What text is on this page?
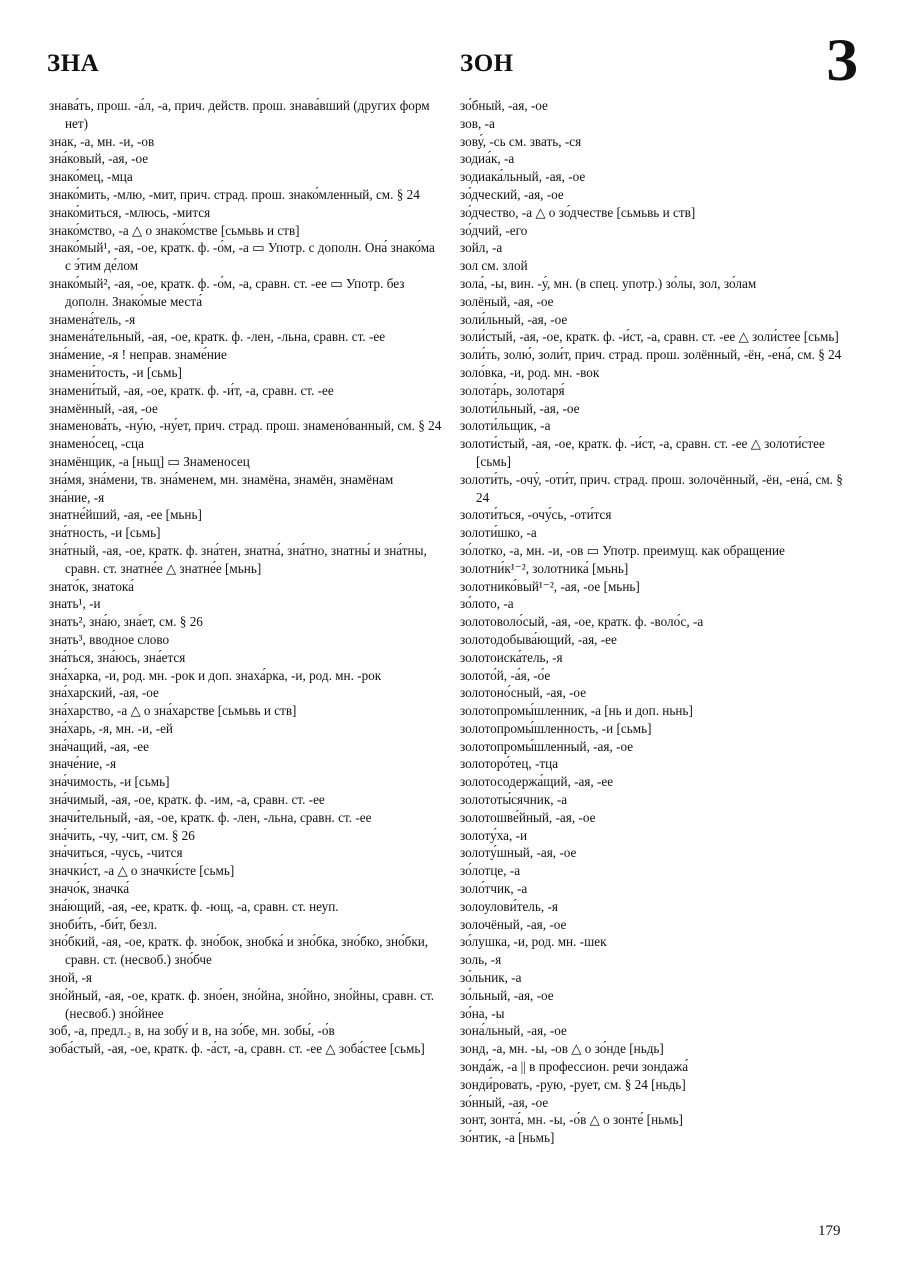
ЗНА	ЗОН	З

знава́ть, прош. -а́л, -а, прич. действ. прош. знава́вший (других форм нет)

знак, -а, мн. -и, -ов

зна́ковый, -ая, -ое

знако́мец, -мца

знако́мить, -млю, -мит, прич. страд. прош. знако́мленный, см. § 24

знако́миться, -млюсь, -мится

знако́мство, -а △ о знако́мстве [сьмьвь и ств]

знако́мый¹, -ая, -ое, кратк. ф. -о́м, -а ▭ Употр. с дополн. Она́ знако́ма с э́тим де́лом

знако́мый², -ая, -ое, кратк. ф. -о́м, -а, сравн. ст. -ее ▭ Употр. без дополн. Знако́мые места́

знамена́тель, -я

знамена́тельный, -ая, -ое, кратк. ф. -лен, -льна, сравн. ст. -ее

зна́мение, -я ! неправ. знаме́ние

знамени́тость, -и [сьмь]

знамени́тый, -ая, -ое, кратк. ф. -и́т, -а, сравн. ст. -ее

знамённый, -ая, -ое

знаменова́ть, -ну́ю, -ну́ет, прич. страд. прош. знамено́ванный, см. § 24

знамено́сец, -сца

знамёнщик, -а [ньщ] ▭ Знаменосец

зна́мя, зна́мени, тв. зна́менем, мн. знамёна, знамён, знамёнам

зна́ние, -я

знатне́йший, -ая, -ее [мьнь]

зна́тность, -и [сьмь]

зна́тный, -ая, -ое, кратк. ф. зна́тен, знатна́, зна́тно, знатны́ и зна́тны, сравн. ст. знатне́е △ знатне́е [мьнь]

знато́к, знатока́

знать¹, -и

знать², зна́ю, зна́ет, см. § 26

знать³, вводное слово

зна́ться, зна́юсь, зна́ется

зна́харка, -и, род. мн. -рок и доп. знаха́рка, -и, род. мн. -рок

зна́харский, -ая, -ое

зна́харство, -а △ о зна́харстве [сьмьвь и ств]

зна́харь, -я, мн. -и, -ей

зна́чащий, -ая, -ее

значе́ние, -я

зна́чимость, -и [сьмь]

зна́чимый, -ая, -ое, кратк. ф. -им, -а, сравн. ст. -ее

значи́тельный, -ая, -ое, кратк. ф. -лен, -льна, сравн. ст. -ее

зна́чить, -чу, -чит, см. § 26

зна́читься, -чусь, -чится

значки́ст, -а △ о значки́сте [сьмь]

значо́к, значка́

зна́ющий, -ая, -ее, кратк. ф. -ющ, -а, сравн. ст. неуп.

зноби́ть, -би́т, безл.

зно́бкий, -ая, -ое, кратк. ф. зно́бок, знобка́ и зно́бка, зно́бко, зно́бки, сравн. ст. (несвоб.) зно́бче

зной, -я

зно́йный, -ая, -ое, кратк. ф. зно́ен, зно́йна, зно́йно, зно́йны, сравн. ст. (несвоб.) зно́йнее

зоб, -а, предл.₂ в, на зобу́ и в, на зо́бе, мн. зобы́, -о́в

зоба́стый, -ая, -ое, кратк. ф. -а́ст, -а, сравн. ст. -ее △ зоба́стее [сьмь]

зо́бный, -ая, -ое

зов, -а

зову́, -сь см. звать, -ся

зодиа́к, -а

зодиака́льный, -ая, -ое

зо́дческий, -ая, -ое

зо́дчество, -а △ о зо́дчестве [сьмьвь и ств]

зо́дчий, -его

зойл, -а

зол см. злой

зола́, -ы, вин. -у́, мн. (в спец. употр.) зо́лы, зол, зо́лам

золёный, -ая, -ое

золи́льный, -ая, -ое

золи́стый, -ая, -ое, кратк. ф. -и́ст, -а, сравн. ст. -ее △ золи́стее [сьмь]

золи́ть, золю́, золи́т, прич. страд. прош. золённый, -ён, -ена́, см. § 24

золо́вка, -и, род. мн. -вок

золота́рь, золотаря́

золоти́льный, -ая, -ое

золоти́льщик, -а

золоти́стый, -ая, -ое, кратк. ф. -и́ст, -а, сравн. ст. -ее △ золоти́стее [сьмь]

золоти́ть, -очу́, -оти́т, прич. страд. прош. золочённый, -ён, -ена́, см. § 24

золоти́ться, -очу́сь, -оти́тся

золоти́шко, -а

зо́лотко, -а, мн. -и, -ов ▭ Употр. преимущ. как обращение

золотни́к¹⁻², золотника́ [мьнь]

золотнико́вый¹⁻², -ая, -ое [мьнь]

зо́лото, -а

золотоволо́сый, -ая, -ое, кратк. ф. -воло́с, -а

золотодобыва́ющий, -ая, -ее

золотоиска́тель, -я

золото́й, -а́я, -о́е

золотоно́сный, -ая, -ое

золотопромы́шленник, -а [нь и доп. ньнь]

золотопромы́шленность, -и [сьмь]

золотопромы́шленный, -ая, -ое

золоторо́тец, -тца

золотосодержа́щий, -ая, -ее

золототы́сячник, -а

золотошве́йный, -ая, -ое

золоту́ха, -и

золоту́шный, -ая, -ое

зо́лотце, -а

золо́тчик, -а

золоулови́тель, -я

золочёный, -ая, -ое

зо́лушка, -и, род. мн. -шек

золь, -я

зо́льник, -а

зо́льный, -ая, -ое

зо́на, -ы

зона́льный, -ая, -ое

зонд, -а, мн. -ы, -ов △ о зо́нде [ньдь]

зонда́ж, -а || в профессион. речи зондажа́

зонди́ровать, -рую, -рует, см. § 24 [ньдь]

зо́нный, -ая, -ое

зонт, зонта́, мн. -ы, -о́в △ о зонте́ [ньмь]

зо́нтик, -а [ньмь]

179
